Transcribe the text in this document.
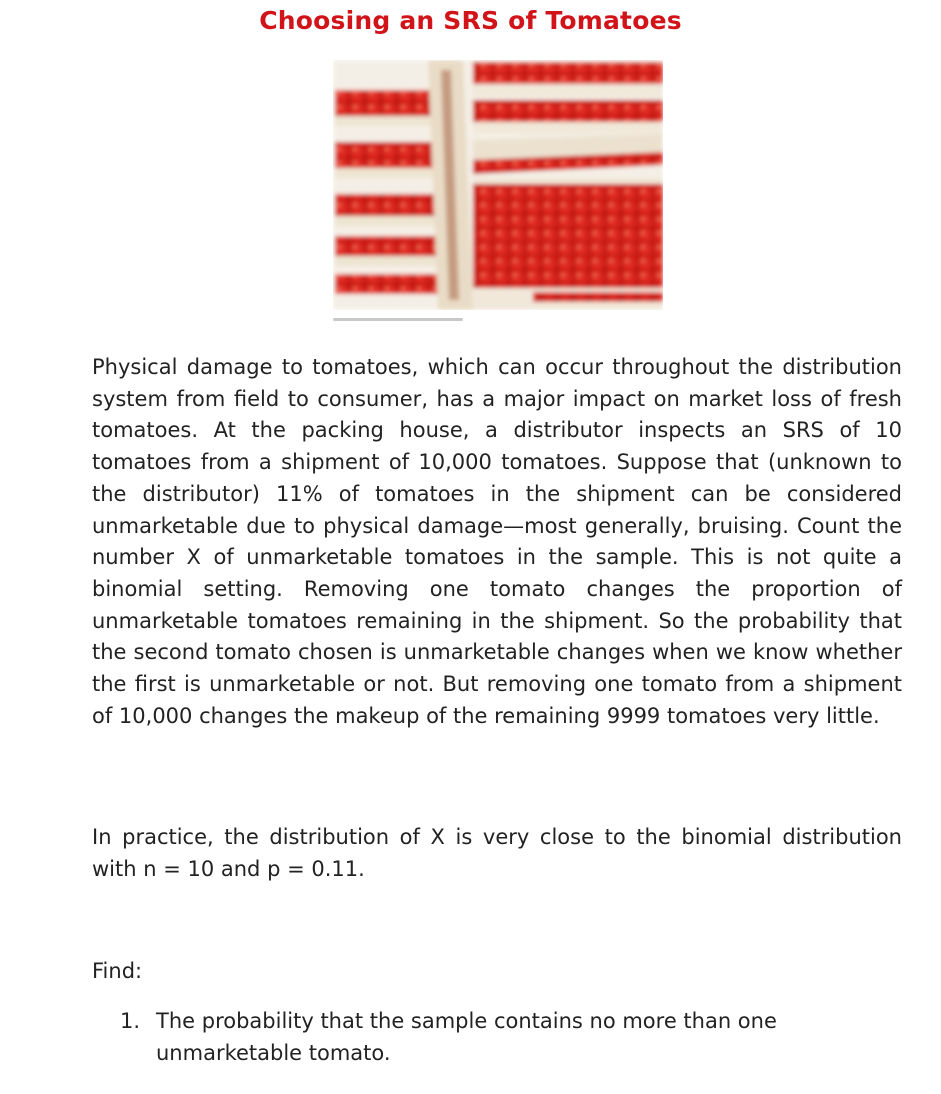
Choosing an SRS of Tomatoes

Physical damage to tomatoes, which can occur throughout the distribution system from field to consumer, has a major impact on market loss of fresh tomatoes. At the packing house, a distributor inspects an SRS of 10 tomatoes from a shipment of 10,000 tomatoes. Suppose that (unknown to the distributor) 11% of tomatoes in the shipment can be considered unmarketable due to physical damage—most generally, bruising. Count the number X of unmarketable tomatoes in the sample. This is not quite a binomial setting. Removing one tomato changes the proportion of unmarketable tomatoes remaining in the shipment. So the probability that the second tomato chosen is unmarketable changes when we know whether the first is unmarketable or not. But removing one tomato from a shipment of 10,000 changes the makeup of the remaining 9999 tomatoes very little.

In practice, the distribution of X is very close to the binomial distribution with n = 10 and p = 0.11.

Find:

1. The probability that the sample contains no more than one unmarketable tomato.
